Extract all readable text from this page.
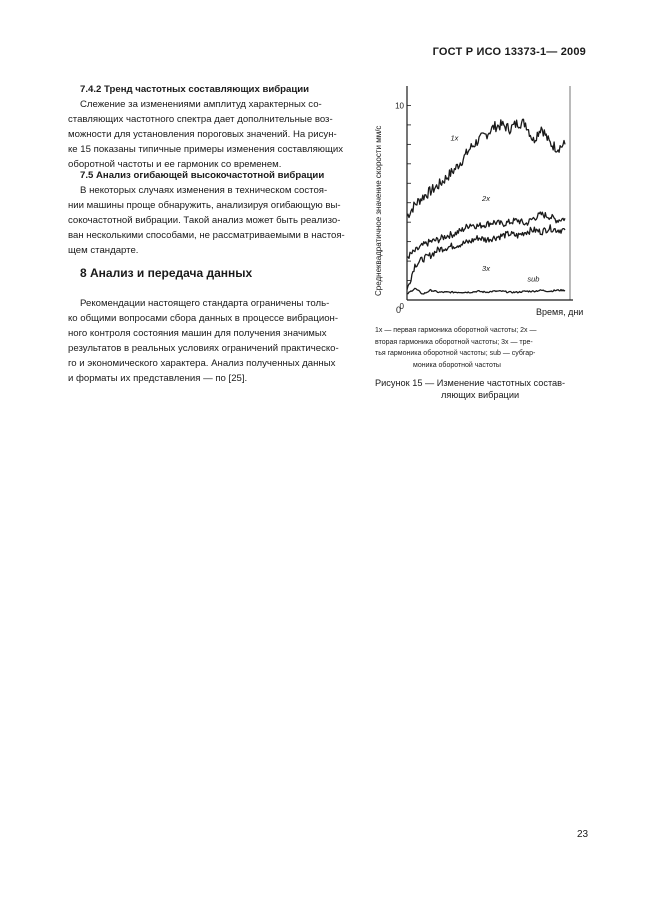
ГОСТ Р ИСО 13373-1— 2009

7.4.2 Тренд частотных составляющих вибрации

Слежение за изменениями амплитуд характерных со-

ставляющих частотного спектра дает дополнительные воз-

можности для установления пороговых значений. На рисун-

ке 15 показаны типичные примеры изменения составляющих

оборотной частоты и ее гармоник со временем.

7.5 Анализ огибающей высокочастотной вибрации

В некоторых случаях изменения в техническом состоя-

нии машины проще обнаружить, анализируя огибающую вы-

сокочастотной вибрации. Такой анализ может быть реализо-

ван несколькими способами, не рассматриваемыми в настоя-

щем стандарте.

8 Анализ и передача данных

Рекомендации настоящего стандарта ограничены толь-

ко общими вопросами сбора данных в процессе вибрацион-

ного контроля состояния машин для получения значимых

результатов в реальных условиях ограничений практическо-

го и экономического характера. Анализ полученных данных

и форматы их представления — по [25].

0
10
Среднеквадратичное значение скорости мм/с	1x
2x
3x
sub
1x — первая гармоника оборотной частоты; 2x —
вторая гармоника оборотной частоты; 3x — тре-
тья гармоника оборотной частоты; sub — субгар-
моника оборотной частоты
Рисунок 15 — Изменение частотных состав-
ляющих вибрации
23
Время, дни
0
